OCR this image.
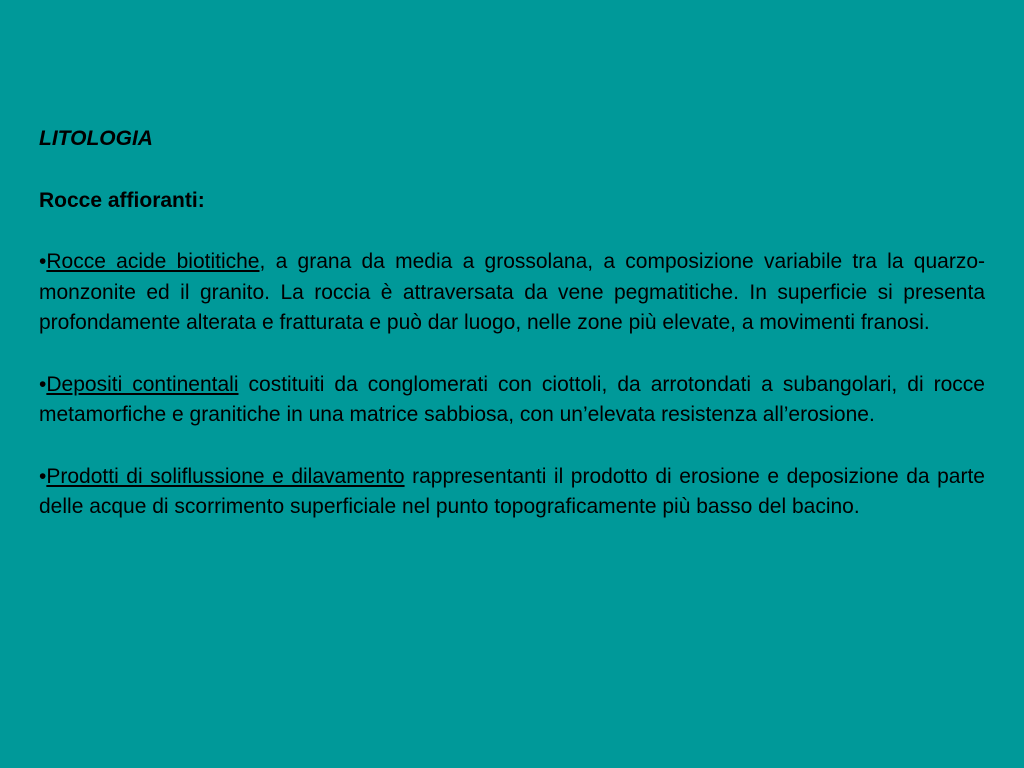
LITOLOGIA

Rocce affioranti:

•Rocce acide biotitiche, a grana da media a grossolana, a composizione variabile tra la quarzo-monzonite ed il granito. La roccia è attraversata da vene pegmatitiche. In superficie si presenta profondamente alterata e fratturata e può dar luogo, nelle zone più elevate, a movimenti franosi.

•Depositi continentali costituiti da conglomerati con ciottoli, da arrotondati a subangolari, di rocce metamorfiche e granitiche in una matrice sabbiosa, con un’elevata resistenza all’erosione.

•Prodotti di soliflussione e dilavamento rappresentanti il prodotto di erosione e deposizione da parte delle acque di scorrimento superficiale nel punto topograficamente più basso del bacino.
